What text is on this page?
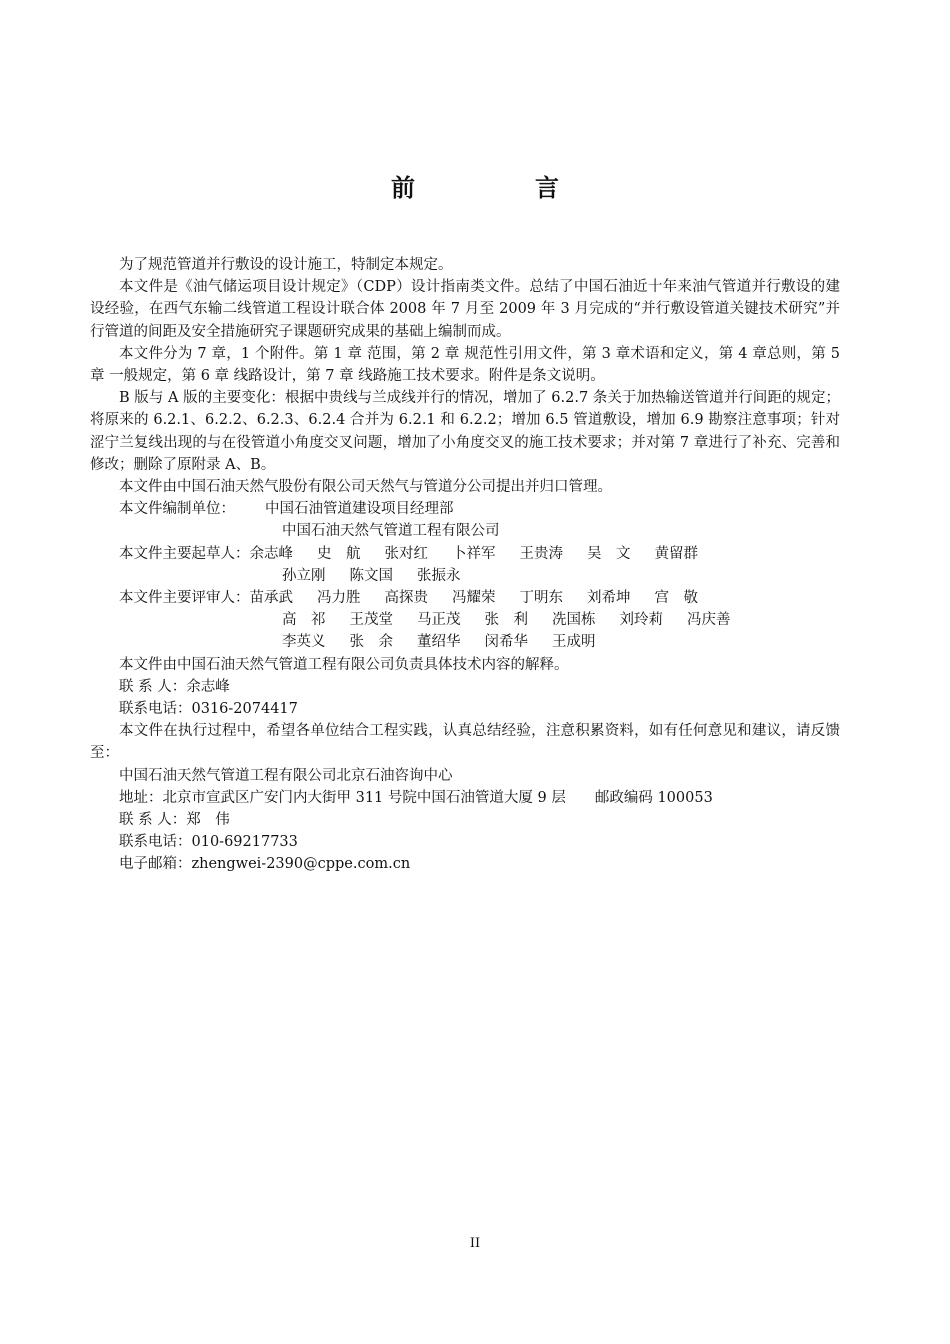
前　言

为了规范管道并行敷设的设计施工，特制定本规定。

本文件是《油气储运项目设计规定》（CDP）设计指南类文件。总结了中国石油近十年来油气管道并行敷设的建设经验，在西气东输二线管道工程设计联合体 2008 年 7 月至 2009 年 3 月完成的“并行敷设管道关键技术研究”并行管道的间距及安全措施研究子课题研究成果的基础上编制而成。

本文件分为 7 章，1 个附件。第 1 章 范围，第 2 章 规范性引用文件，第 3 章术语和定义，第 4 章总则，第 5 章 一般规定，第 6 章 线路设计，第 7 章 线路施工技术要求。附件是条文说明。

B 版与 A 版的主要变化：根据中贵线与兰成线并行的情况，增加了 6.2.7 条关于加热输送管道并行间距的规定；将原来的 6.2.1、6.2.2、6.2.3、6.2.4 合并为 6.2.1 和 6.2.2；增加 6.5 管道敷设，增加 6.9 勘察注意事项；针对涩宁兰复线出现的与在役管道小角度交叉问题，增加了小角度交叉的施工技术要求；并对第 7 章进行了补充、完善和修改；删除了原附录 A、B。

本文件由中国石油天然气股份有限公司天然气与管道分公司提出并归口管理。

本文件编制单位：	中国石油管道建设项目经理部
中国石油天然气管道工程有限公司
本文件主要起草人： 余志峰 史　航 张对红 卜祥军 王贵涛 吴　文 黄留群
孙立刚 陈文国 张振永
本文件主要评审人： 苗承武 冯力胜 高探贵 冯耀荣 丁明东 刘希坤 宫　敬
高　祁 王茂堂 马正茂 张　利 冼国栋 刘玲莉 冯庆善
李英义 张　余 董绍华 闵希华 王成明

本文件由中国石油天然气管道工程有限公司负责具体技术内容的解释。

联 系 人：余志峰

联系电话：0316-2074417

本文件在执行过程中，希望各单位结合工程实践，认真总结经验，注意积累资料，如有任何意见和建议，请反馈至：

中国石油天然气管道工程有限公司北京石油咨询中心

地址：北京市宣武区广安门内大街甲 311 号院中国石油管道大厦 9 层　　邮政编码 100053

联 系 人：郑　伟

联系电话：010-69217733

电子邮箱：zhengwei-2390@cppe.com.cn

II
